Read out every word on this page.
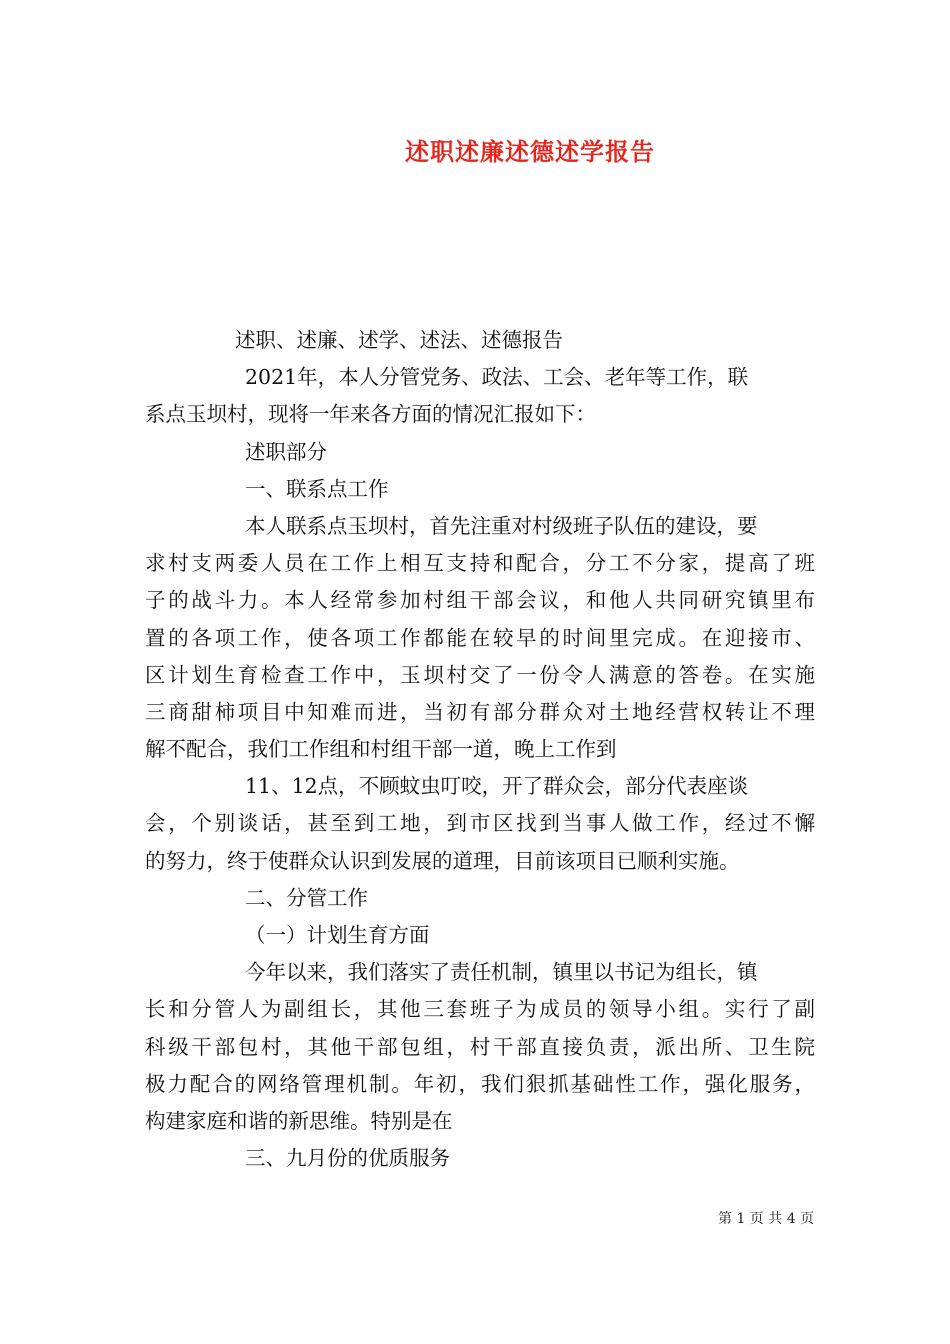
述职述廉述德述学报告
述职、述廉、述学、述法、述德报告
2021年，本人分管党务、政法、工会、老年等工作，联
系点玉坝村，现将一年来各方面的情况汇报如下：
述职部分
一、联系点工作
本人联系点玉坝村，首先注重对村级班子队伍的建设，要
求村支两委人员在工作上相互支持和配合，分工不分家，提高了班
子的战斗力。本人经常参加村组干部会议，和他人共同研究镇里布
置的各项工作，使各项工作都能在较早的时间里完成。在迎接市、
区计划生育检查工作中，玉坝村交了一份令人满意的答卷。在实施
三商甜柿项目中知难而进，当初有部分群众对土地经营权转让不理
解不配合，我们工作组和村组干部一道，晚上工作到
11、12点，不顾蚊虫叮咬，开了群众会，部分代表座谈
会，个别谈话，甚至到工地，到市区找到当事人做工作，经过不懈
的努力，终于使群众认识到发展的道理，目前该项目已顺利实施。
二、分管工作
（一）计划生育方面
今年以来，我们落实了责任机制，镇里以书记为组长，镇
长和分管人为副组长，其他三套班子为成员的领导小组。实行了副
科级干部包村，其他干部包组，村干部直接负责，派出所、卫生院
极力配合的网络管理机制。年初，我们狠抓基础性工作，强化服务，
构建家庭和谐的新思维。特别是在
三、九月份的优质服务
第 1 页 共 4 页
